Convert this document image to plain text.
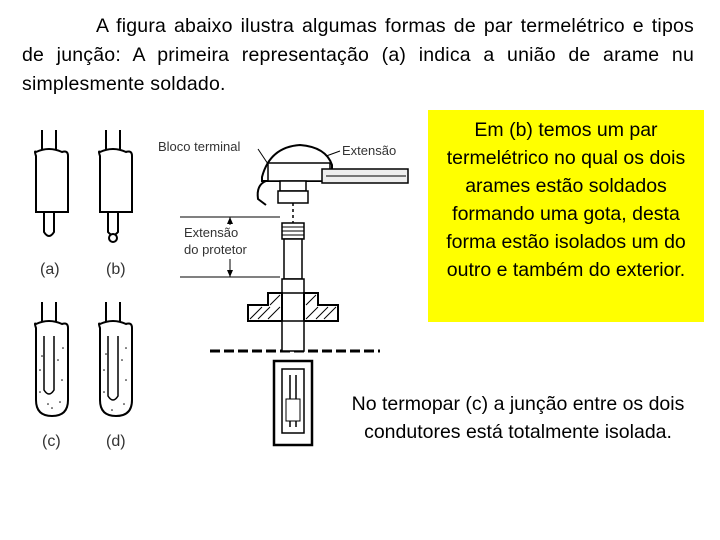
A figura abaixo ilustra algumas formas de par termelétrico e tipos de junção: A primeira representação (a) indica a união de arame nu simplesmente soldado.
(a)	(b)
(c)	(d)
Bloco terminal	Extensão
Extensão
do protetor
Em (b) temos um par termelétrico no qual os dois arames estão soldados formando uma gota, desta forma estão isolados um do outro e também do exterior.
No termopar (c) a junção entre os dois condutores está totalmente isolada.
